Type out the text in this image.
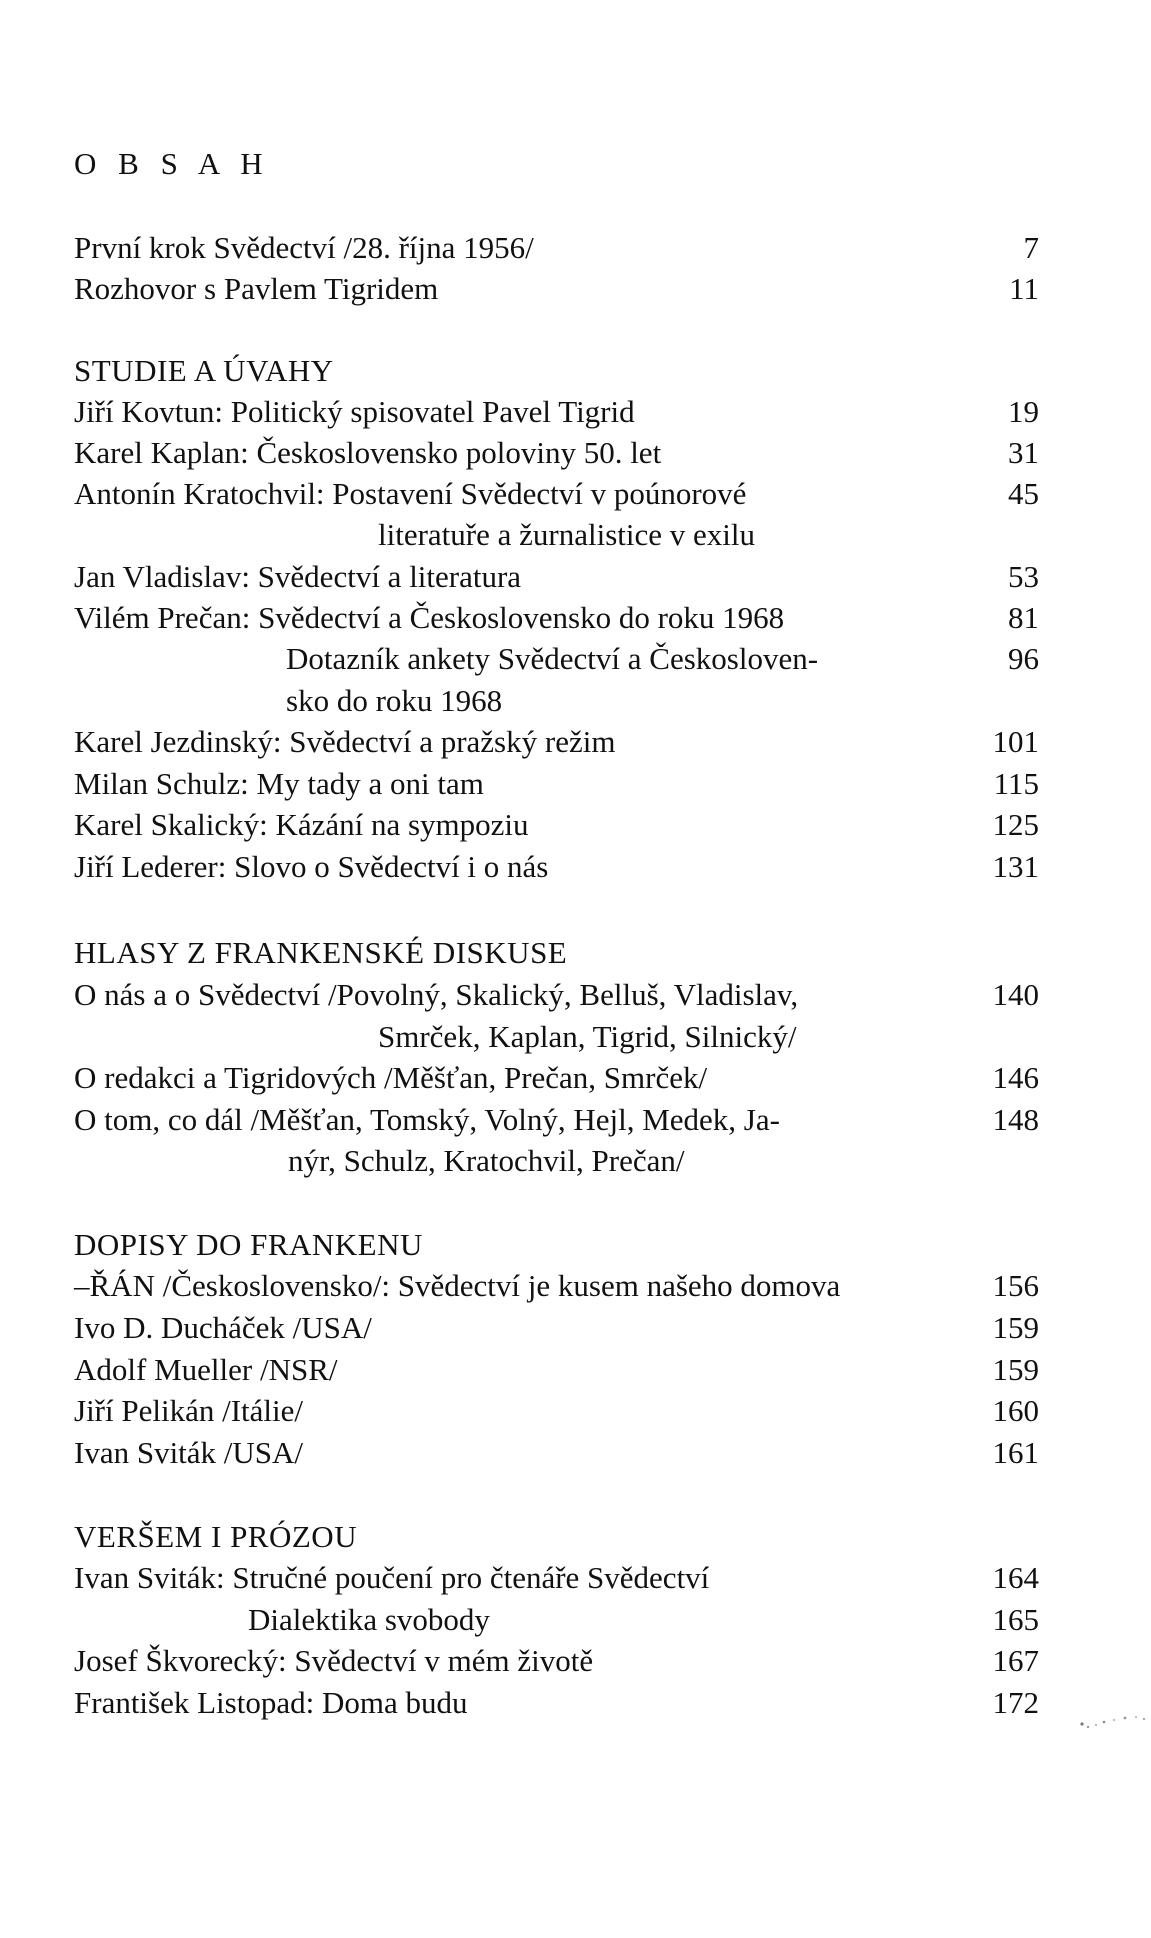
O B S A H
První krok Svědectví /28. října 1956/	7
Rozhovor s Pavlem Tigridem	11
STUDIE A ÚVAHY
Jiří Kovtun: Politický spisovatel Pavel Tigrid	19
Karel Kaplan: Československo poloviny 50. let	31
Antonín Kratochvil: Postavení Svědectví v poúnorové	45
literatuře a žurnalistice v exilu
Jan Vladislav: Svědectví a literatura	53
Vilém Prečan: Svědectví a Československo do roku 1968	81
Dotazník ankety Svědectví a Českosloven-	96
sko do roku 1968
Karel Jezdinský: Svědectví a pražský režim	101
Milan Schulz: My tady a oni tam	115
Karel Skalický: Kázání na sympoziu	125
Jiří Lederer: Slovo o Svědectví i o nás	131
HLASY Z FRANKENSKÉ DISKUSE
O nás a o Svědectví /Povolný, Skalický, Belluš, Vladislav,	140
Smrček, Kaplan, Tigrid, Silnický/
O redakci a Tigridových /Měšťan, Prečan, Smrček/	146
O tom, co dál /Měšťan, Tomský, Volný, Hejl, Medek, Ja-	148
nýr, Schulz, Kratochvil, Prečan/
DOPISY DO FRANKENU
–ŘÁN /Československo/: Svědectví je kusem našeho domova	156
Ivo D. Ducháček /USA/	159
Adolf Mueller /NSR/	159
Jiří Pelikán /Itálie/	160
Ivan Sviták /USA/	161
VERŠEM I PRÓZOU
Ivan Sviták: Stručné poučení pro čtenáře Svědectví	164
Dialektika svobody	165
Josef Škvorecký: Svědectví v mém životě	167
František Listopad: Doma budu	172
